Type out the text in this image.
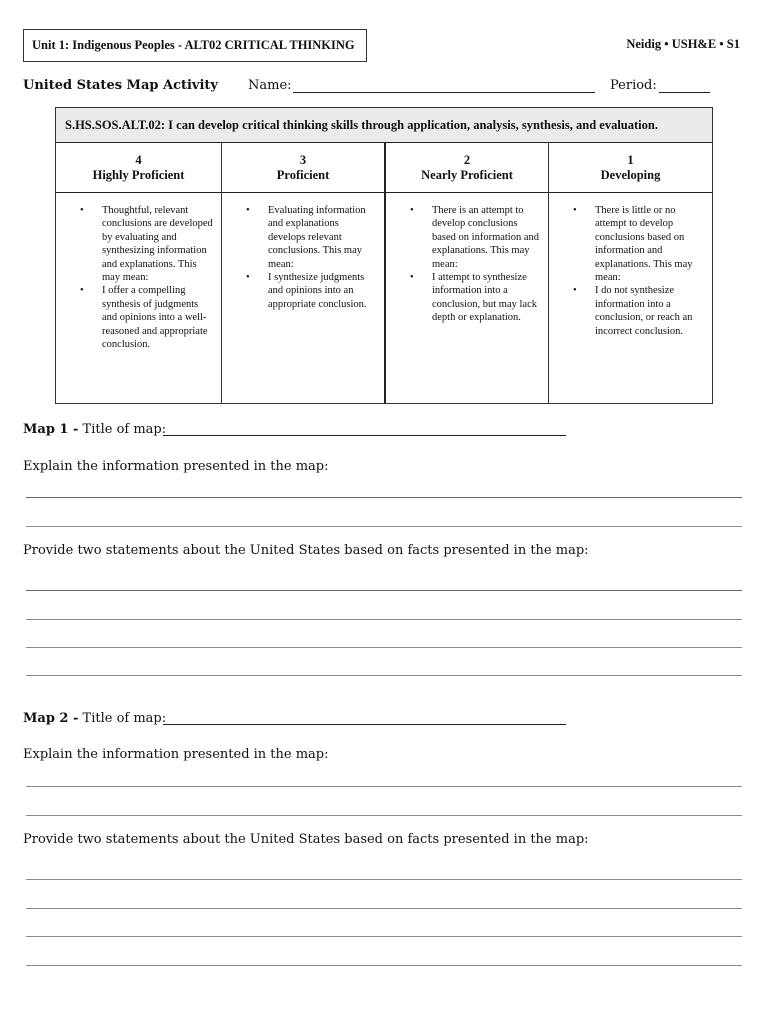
Unit 1: Indigenous Peoples - ALT02 CRITICAL THINKING	Neidig • USH&E • S1
United States Map Activity Name:	Period:
S.HS.SOS.ALT.02: I can develop critical thinking skills through application, analysis, synthesis, and evaluation.
4
Highly Proficient
• Thoughtful, relevant conclusions are developed by evaluating and synthesizing information and explanations. This may mean:
• I offer a compelling synthesis of judgments and opinions into a well-reasoned and appropriate conclusion.
3
Proficient
• Evaluating information and explanations develops relevant conclusions. This may mean:
• I synthesize judgments and opinions into an appropriate conclusion.
2
Nearly Proficient
• There is an attempt to develop conclusions based on information and explanations. This may mean:
• I attempt to synthesize information into a conclusion, but may lack depth or explanation.
1
Developing
• There is little or no attempt to develop conclusions based on information and explanations. This may mean:
• I do not synthesize information into a conclusion, or reach an incorrect conclusion.
Map 1 - Title of map:
Explain the information presented in the map:
Provide two statements about the United States based on facts presented in the map:
Map 2 - Title of map:
Explain the information presented in the map:
Provide two statements about the United States based on facts presented in the map:
